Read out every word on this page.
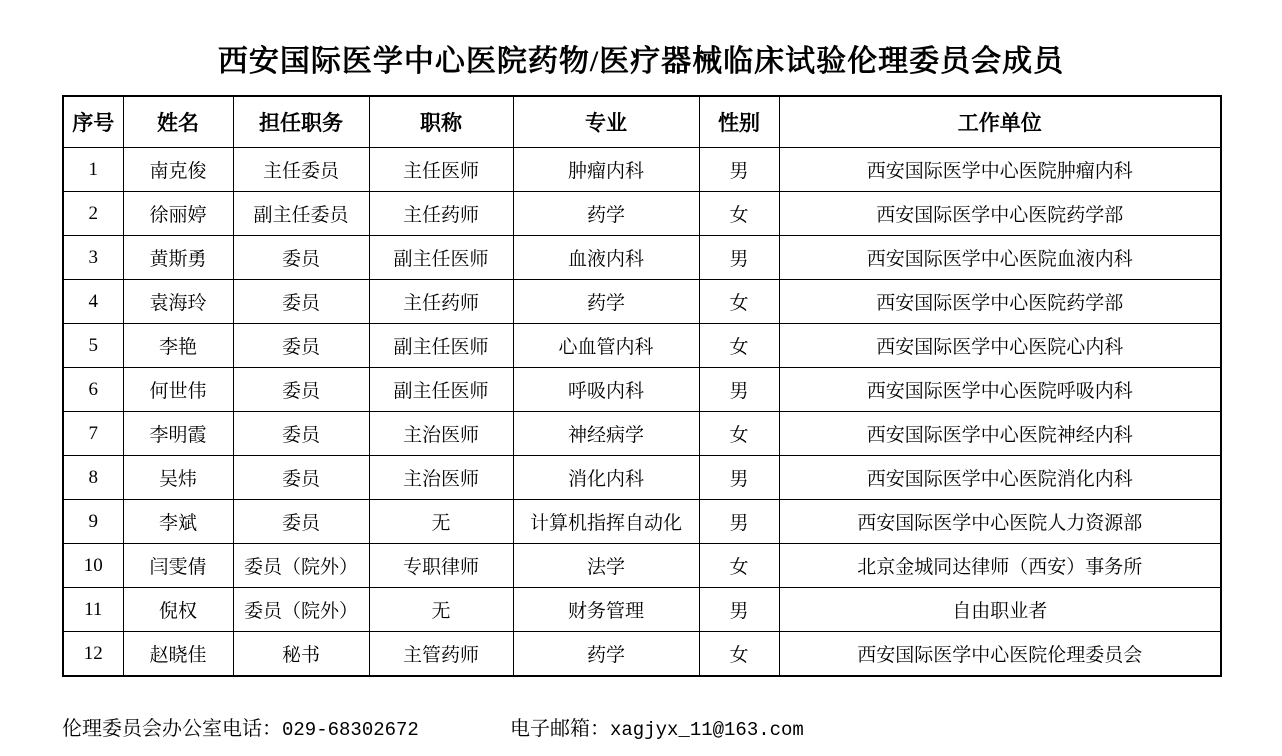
西安国际医学中心医院药物/医疗器械临床试验伦理委员会成员
序号	姓名	担任职务	职称	专业	性别	工作单位
1	南克俊	主任委员	主任医师	肿瘤内科	男	西安国际医学中心医院肿瘤内科
2	徐丽婷	副主任委员	主任药师	药学	女	西安国际医学中心医院药学部
3	黄斯勇	委员	副主任医师	血液内科	男	西安国际医学中心医院血液内科
4	袁海玲	委员	主任药师	药学	女	西安国际医学中心医院药学部
5	李艳	委员	副主任医师	心血管内科	女	西安国际医学中心医院心内科
6	何世伟	委员	副主任医师	呼吸内科	男	西安国际医学中心医院呼吸内科
7	李明霞	委员	主治医师	神经病学	女	西安国际医学中心医院神经内科
8	吴炜	委员	主治医师	消化内科	男	西安国际医学中心医院消化内科
9	李斌	委员	无	计算机指挥自动化	男	西安国际医学中心医院人力资源部
10	闫雯倩	委员（院外）	专职律师	法学	女	北京金城同达律师（西安）事务所
11	倪权	委员（院外）	无	财务管理	男	自由职业者
12	赵晓佳	秘书	主管药师	药学	女	西安国际医学中心医院伦理委员会
伦理委员会办公室电话：029-68302672	电子邮箱：xagjyx_11@163.com
